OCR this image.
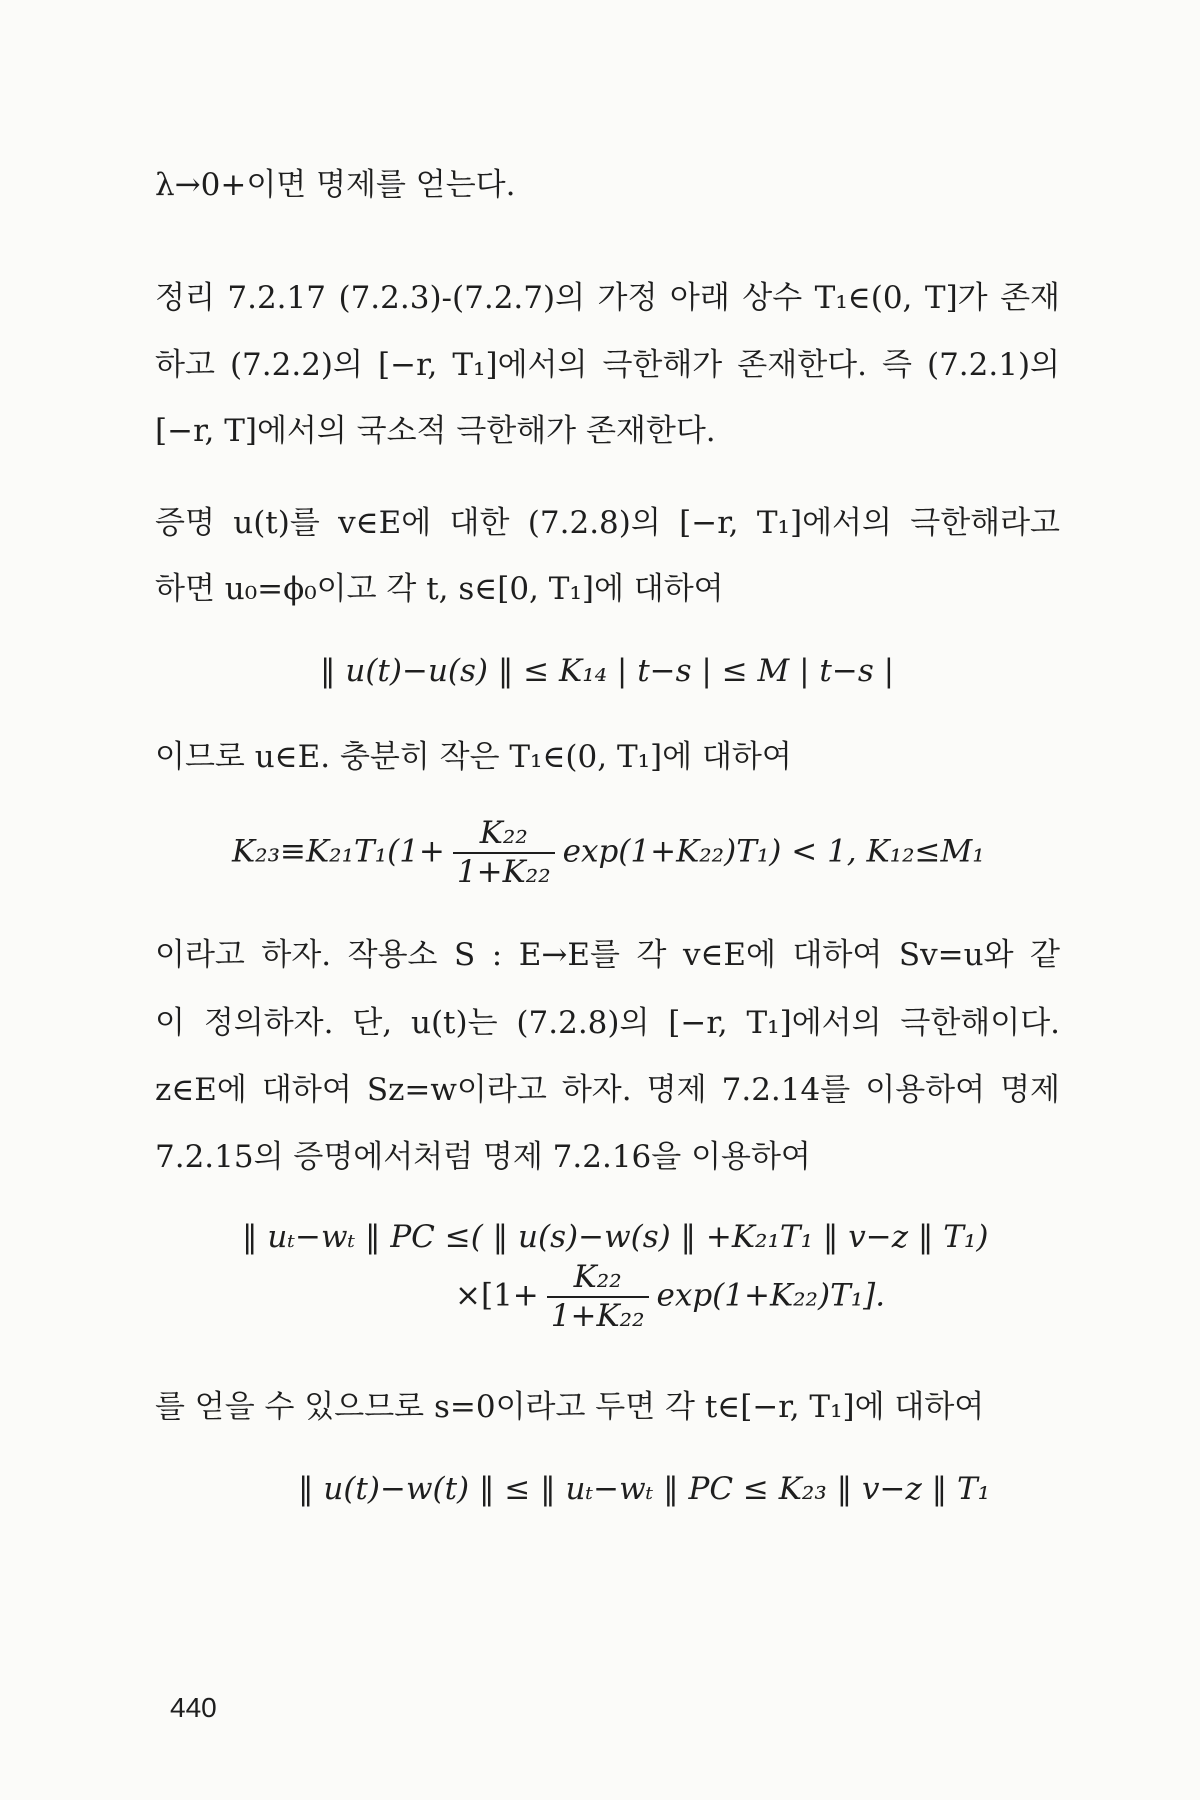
λ→0+이면 명제를 얻는다.
정리 7.2.17 (7.2.3)-(7.2.7)의 가정 아래 상수 T₁∈(0, T]가 존재
하고 (7.2.2)의 [−r, T₁]에서의 극한해가 존재한다. 즉 (7.2.1)의
[−r, T]에서의 국소적 극한해가 존재한다.
증명 u(t)를 v∈E에 대한 (7.2.8)의 [−r, T₁]에서의 극한해라고
하면 u₀=ϕ₀이고 각 t, s∈[0, T₁]에 대하여
‖ u(t)−u(s) ‖ ≤ K₁₄ | t−s | ≤ M | t−s |
이므로 u∈E. 충분히 작은 T₁∈(0, T₁]에 대하여
$K_{23}\equiv K_{21}T_1(1+ \frac{\text{K₂₂}}{\text{1+K₂₂}} \exp(1+K_{22})T_1) < 1$, K₁₂≤M₁
이라고 하자. 작용소 S : E→E를 각 v∈E에 대하여 Sv=u와 같
이 정의하자. 단, u(t)는 (7.2.8)의 [−r, T₁]에서의 극한해이다.
z∈E에 대하여 Sz=w이라고 하자. 명제 7.2.14를 이용하여 명제
7.2.15의 증명에서처럼 명제 7.2.16을 이용하여
‖ uₜ−wₜ ‖ PC ≤( ‖ u(s)−w(s) ‖ +K₂₁T₁ ‖ v−z ‖ T₁)
$\times[1+ \frac{\text{K₂₂}}{\text{1+K₂₂}} \exp(1+K_{22})T_1]$.
를 얻을 수 있으므로 s=0이라고 두면 각 t∈[−r, T₁]에 대하여
‖ u(t)−w(t) ‖ ≤ ‖ uₜ−wₜ ‖ PC ≤ K₂₃ ‖ v−z ‖ T₁
440
